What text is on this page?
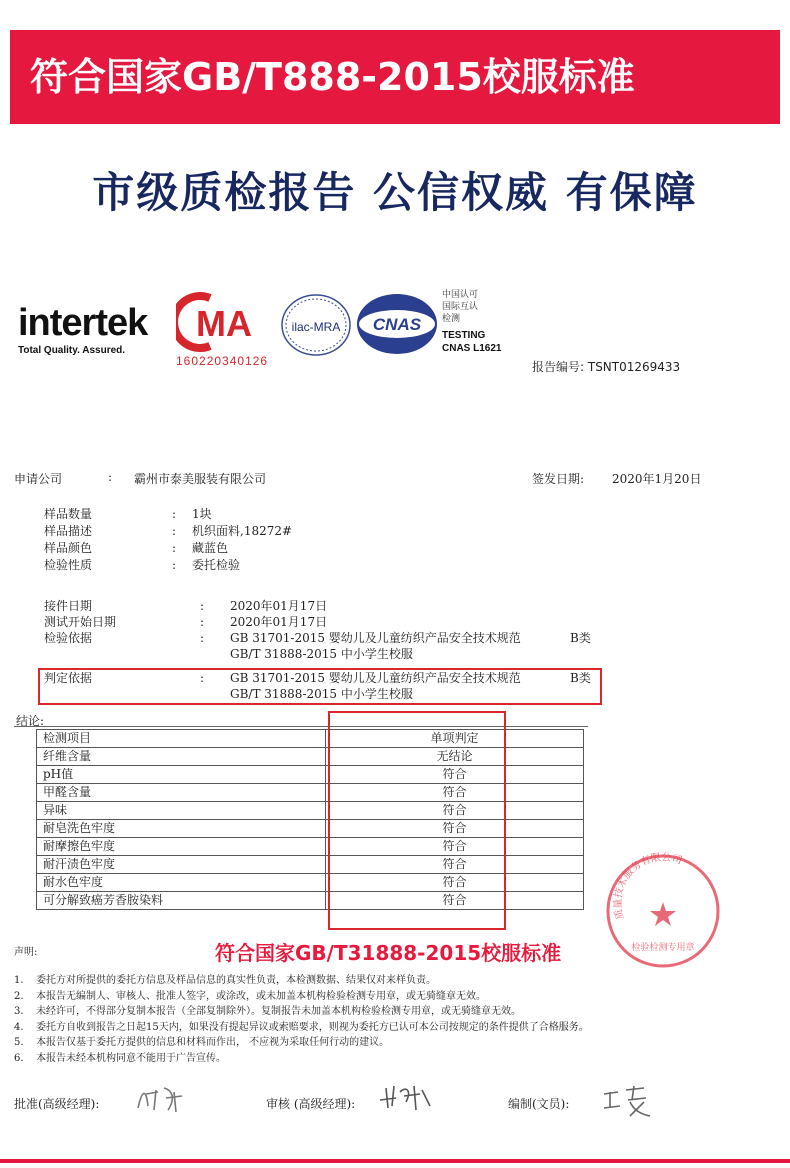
符合国家GB/T888-2015校服标准
市级质检报告 公信权威 有保障
intertek
Total Quality. Assured.
MA
160220340126
ilac-MRA CNAS
中国认可
国际互认
检测
TESTING
CNAS L1621
报告编号: TSNT01269433
申请公司	: 霸州市泰美服装有限公司	签发日期: 2020年1月20日
样品数量	: 1块
样品描述	: 机织面料,18272#
样品颜色	: 藏蓝色
检验性质	: 委托检验
接件日期	: 2020年01月17日
测试开始日期	: 2020年01月17日
检验依据	: GB 31701-2015 婴幼儿及儿童纺织产品安全技术规范	B类
GB/T 31888-2015 中小学生校服
判定依据	: GB 31701-2015 婴幼儿及儿童纺织产品安全技术规范	B类
GB/T 31888-2015 中小学生校服
结论:
检测项目	单项判定
纤维含量	无结论
pH值	符合
甲醛含量	符合
异味	符合
耐皂洗色牢度	符合
耐摩擦色牢度	符合
耐汗渍色牢度	符合
耐水色牢度	符合
可分解致癌芳香胺染料	符合
质量技术服务有限公司
检验检测专用章
声明:	符合国家GB/T31888-2015校服标准
1. 委托方对所提供的委托方信息及样品信息的真实性负责，本检测数据、结果仅对来样负责。
2. 本报告无编制人、审核人、批准人签字，或涂改，或未加盖本机构检验检测专用章，或无骑缝章无效。
3. 未经许可，不得部分复制本报告（全部复制除外）。复制报告未加盖本机构检验检测专用章，或无骑缝章无效。
4. 委托方自收到报告之日起15天内，如果没有提起异议或索赔要求，则视为委托方已认可本公司按规定的条件提供了合格服务。
5. 本报告仅基于委托方提供的信息和材料而作出， 不应视为采取任何行动的建议。
6. 本报告未经本机构同意不能用于广告宣传。
批准(高级经理):	审核 (高级经理):	编制(文员):
